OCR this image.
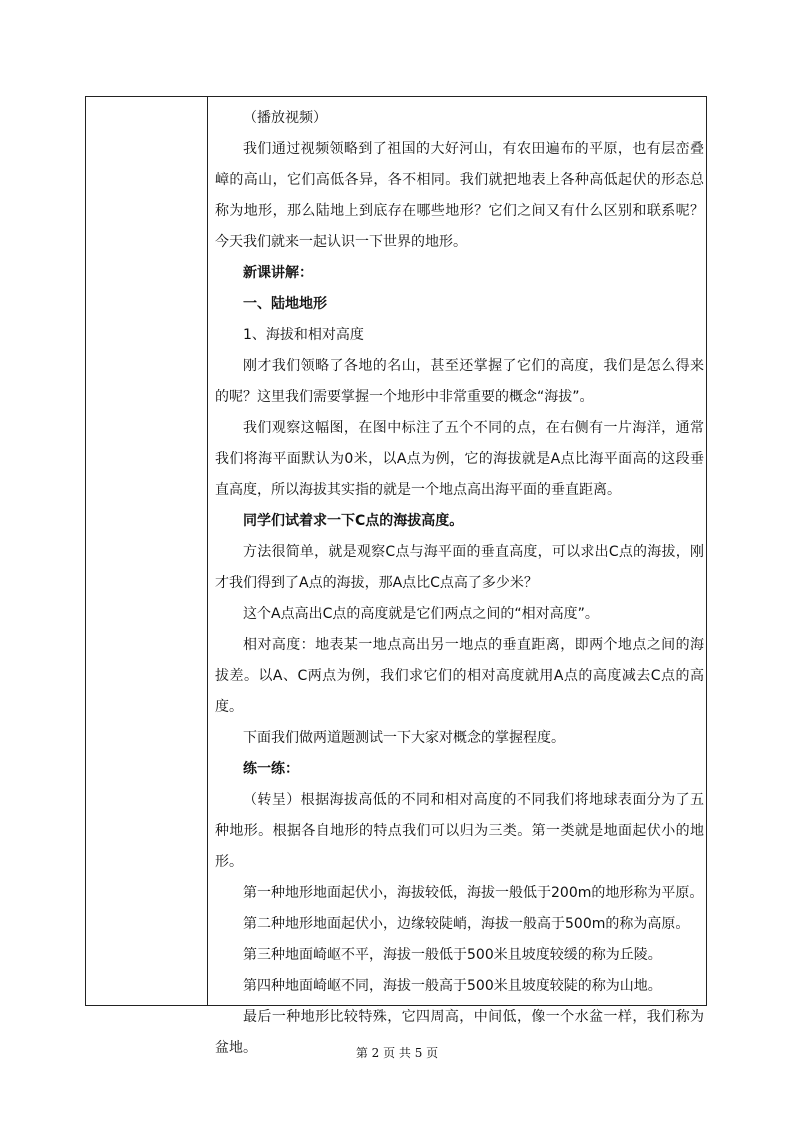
（播放视频）

我们通过视频领略到了祖国的大好河山，有农田遍布的平原，也有层峦叠嶂的高山，它们高低各异，各不相同。我们就把地表上各种高低起伏的形态总称为地形，那么陆地上到底存在哪些地形？它们之间又有什么区别和联系呢？今天我们就来一起认识一下世界的地形。

新课讲解：

一、陆地地形

1、海拔和相对高度

刚才我们领略了各地的名山，甚至还掌握了它们的高度，我们是怎么得来的呢？这里我们需要掌握一个地形中非常重要的概念“海拔”。

我们观察这幅图，在图中标注了五个不同的点，在右侧有一片海洋，通常我们将海平面默认为0米，以A点为例，它的海拔就是A点比海平面高的这段垂直高度，所以海拔其实指的就是一个地点高出海平面的垂直距离。

同学们试着求一下C点的海拔高度。

方法很简单，就是观察C点与海平面的垂直高度，可以求出C点的海拔，刚才我们得到了A点的海拔，那A点比C点高了多少米？

这个A点高出C点的高度就是它们两点之间的“相对高度”。

相对高度：地表某一地点高出另一地点的垂直距离，即两个地点之间的海拔差。以A、C两点为例，我们求它们的相对高度就用A点的高度减去C点的高度。

下面我们做两道题测试一下大家对概念的掌握程度。

练一练：

（转呈）根据海拔高低的不同和相对高度的不同我们将地球表面分为了五种地形。根据各自地形的特点我们可以归为三类。第一类就是地面起伏小的地形。

第一种地形地面起伏小，海拔较低，海拔一般低于200m的地形称为平原。

第二种地形地面起伏小，边缘较陡峭，海拔一般高于500m的称为高原。

第三种地面崎岖不平，海拔一般低于500米且坡度较缓的称为丘陵。

第四种地面崎岖不同，海拔一般高于500米且坡度较陡的称为山地。

最后一种地形比较特殊，它四周高，中间低，像一个水盆一样，我们称为盆地。	第 2 页 共 5 页
